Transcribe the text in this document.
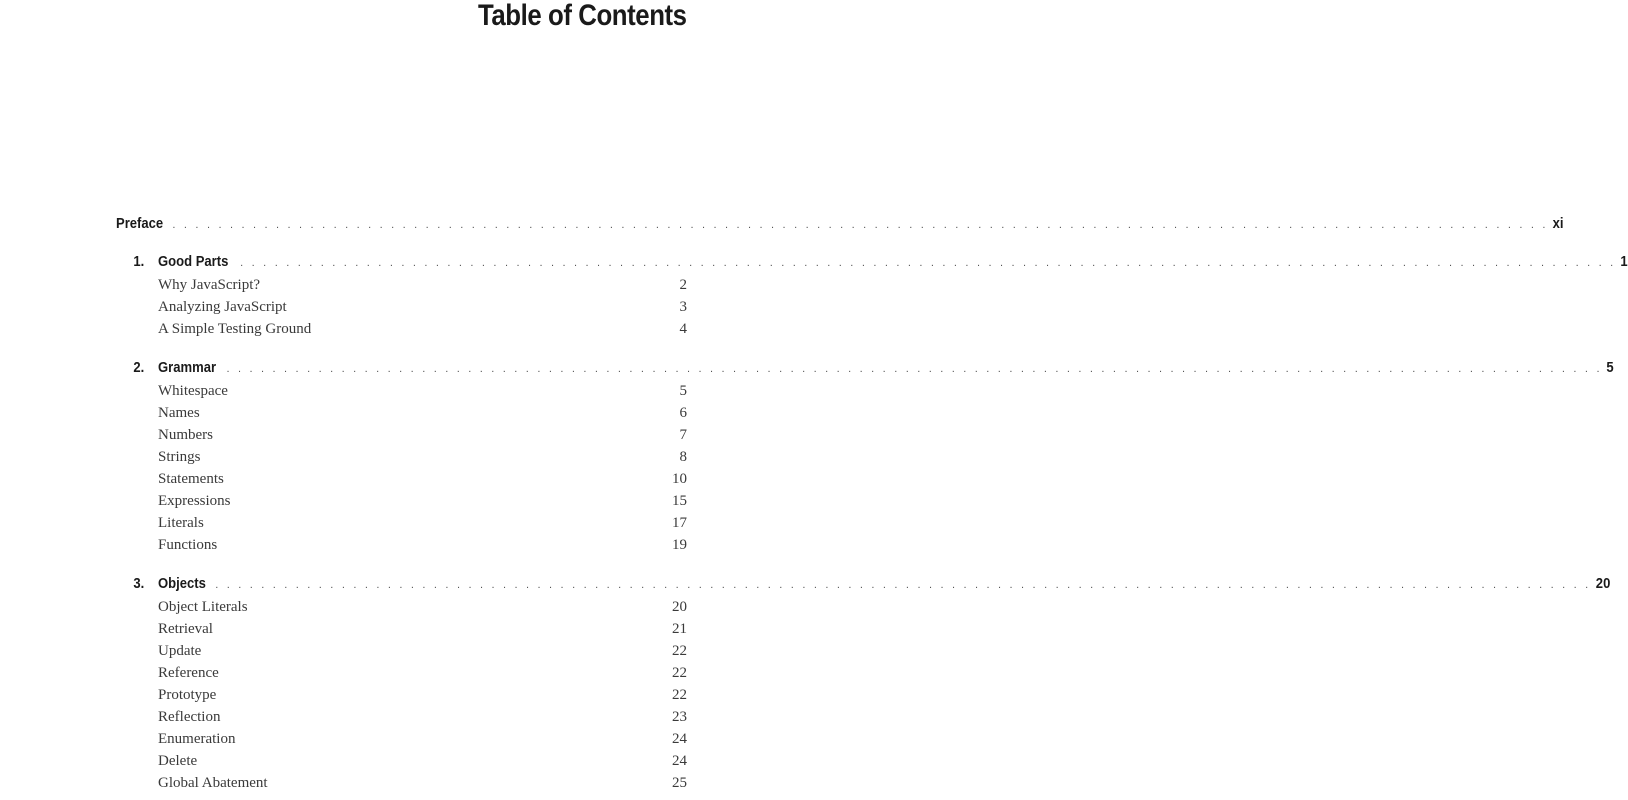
Table of Contents
Preface . . . . . . . . . . . . . . . . . . . . . . . . . . . . . . . . . . . . . . . . . . . . . . . . . . . . . . . . . . . . . . . . . . . . . . . . . . . . . . . . . . . . . . . . . . . . . . . . . . . . . . . . . . . . . . . . . . . . . . . . xi
1. Good Parts . . . . . . . . . . . . . . . . . . . . . . . . . . . . . . . . . . . . . . . . . . . . . . . . . . . . . . . . . . . . . . . . . . . . . . . . . . . . . . . . . . . . . . . . . . . . . . . . . . . . . . . . . . . . . . . . . . . . . . . . 1
Why JavaScript?	2
Analyzing JavaScript	3
A Simple Testing Ground	4
2. Grammar . . . . . . . . . . . . . . . . . . . . . . . . . . . . . . . . . . . . . . . . . . . . . . . . . . . . . . . . . . . . . . . . . . . . . . . . . . . . . . . . . . . . . . . . . . . . . . . . . . . . . . . . . . . . . . . . . . . . . . . . 5
Whitespace	5
Names	6
Numbers	7
Strings	8
Statements	10
Expressions	15
Literals	17
Functions	19
3. Objects . . . . . . . . . . . . . . . . . . . . . . . . . . . . . . . . . . . . . . . . . . . . . . . . . . . . . . . . . . . . . . . . . . . . . . . . . . . . . . . . . . . . . . . . . . . . . . . . . . . . . . . . . . . . . . . . . . . . . . . . 20
Object Literals	20
Retrieval	21
Update	22
Reference	22
Prototype	22
Reflection	23
Enumeration	24
Delete	24
Global Abatement	25
